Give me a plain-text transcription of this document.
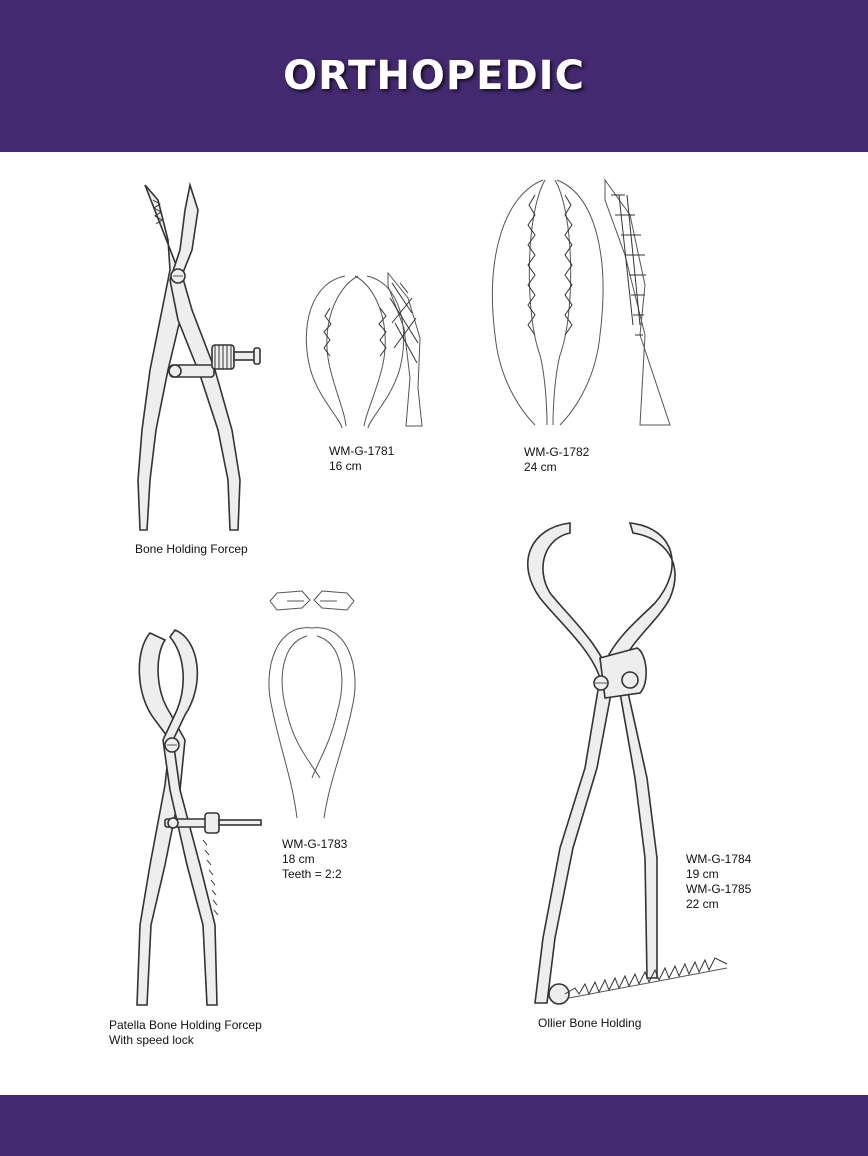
ORTHOPEDIC
Bone Holding Forcep
WM-G-1781
16 cm
WM-G-1782
24 cm
WM-G-1783
18 cm
Teeth = 2:2
Patella Bone Holding Forcep
With speed lock
WM-G-1784
19 cm
WM-G-1785
22 cm
Ollier Bone Holding
